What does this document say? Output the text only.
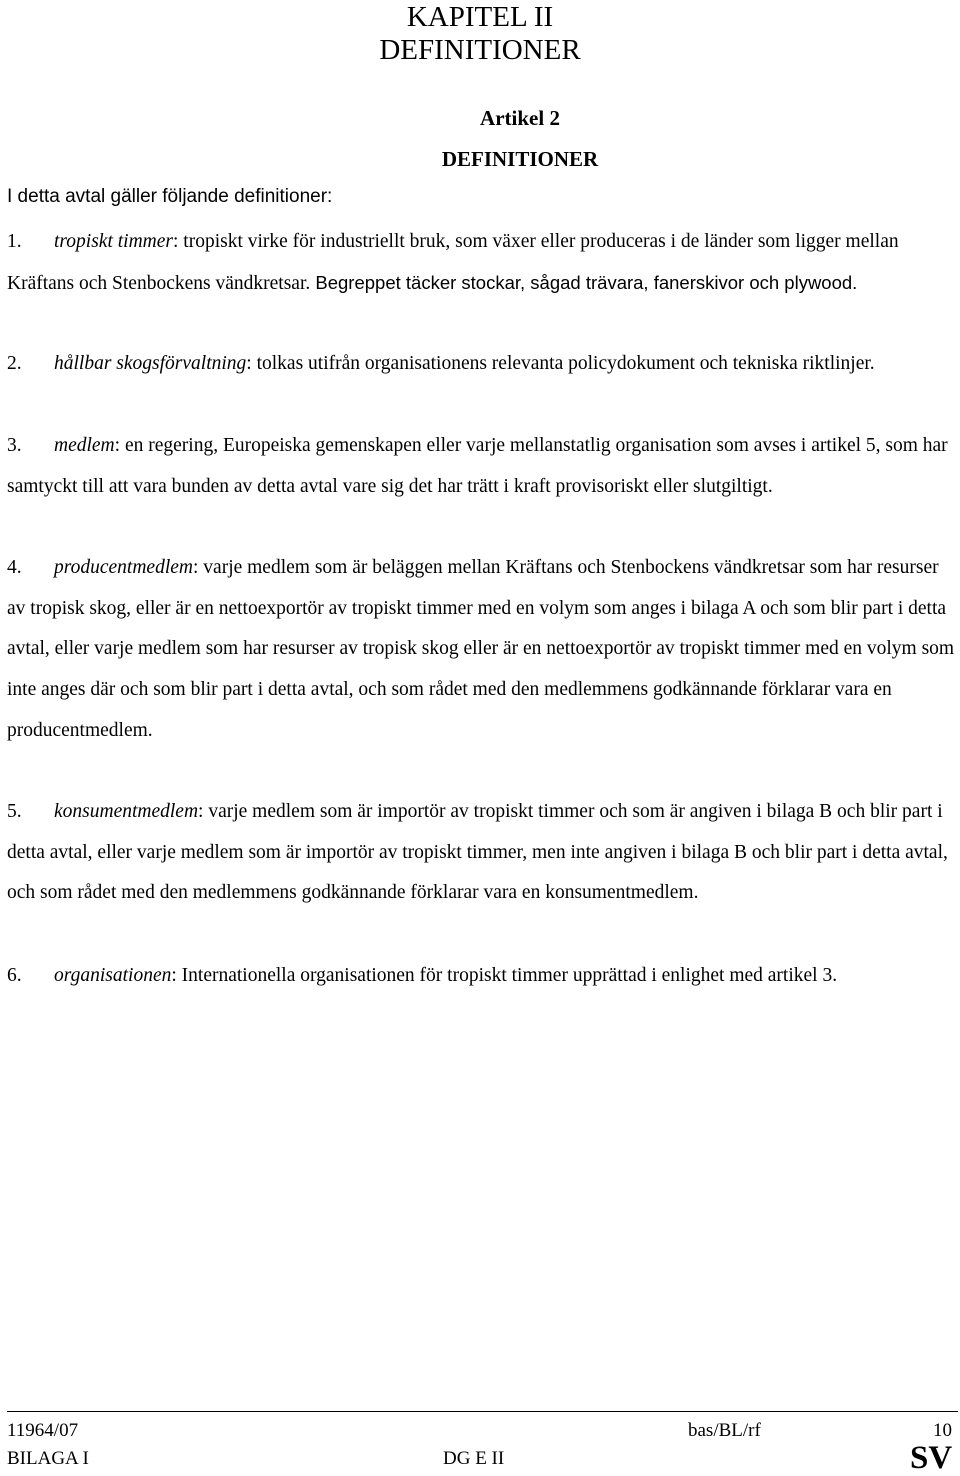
KAPITEL II
DEFINITIONER
Artikel 2
DEFINITIONER
I detta avtal gäller följande definitioner:
1. tropiskt timmer: tropiskt virke för industriellt bruk, som växer eller produceras i de länder som ligger mellan Kräftans och Stenbockens vändkretsar. Begreppet täcker stockar, sågad trävara, fanerskivor och plywood.
2. hållbar skogsförvaltning: tolkas utifrån organisationens relevanta policydokument och tekniska riktlinjer.
3. medlem: en regering, Europeiska gemenskapen eller varje mellanstatlig organisation som avses i artikel 5, som har samtyckt till att vara bunden av detta avtal vare sig det har trätt i kraft provisoriskt eller slutgiltigt.
4. producentmedlem: varje medlem som är beläggen mellan Kräftans och Stenbockens vändkretsar som har resurser av tropisk skog, eller är en nettoexportör av tropiskt timmer med en volym som anges i bilaga A och som blir part i detta avtal, eller varje medlem som har resurser av tropisk skog eller är en nettoexportör av tropiskt timmer med en volym som inte anges där och som blir part i detta avtal, och som rådet med den medlemmens godkännande förklarar vara en producentmedlem.
5. konsumentmedlem: varje medlem som är importör av tropiskt timmer och som är angiven i bilaga B och blir part i detta avtal, eller varje medlem som är importör av tropiskt timmer, men inte angiven i bilaga B och blir part i detta avtal, och som rådet med den medlemmens godkännande förklarar vara en konsumentmedlem.
6. organisationen: Internationella organisationen för tropiskt timmer upprättad i enlighet med artikel 3.
11964/07	bas/BL/rf	10
BILAGA I	DG E II	SV
